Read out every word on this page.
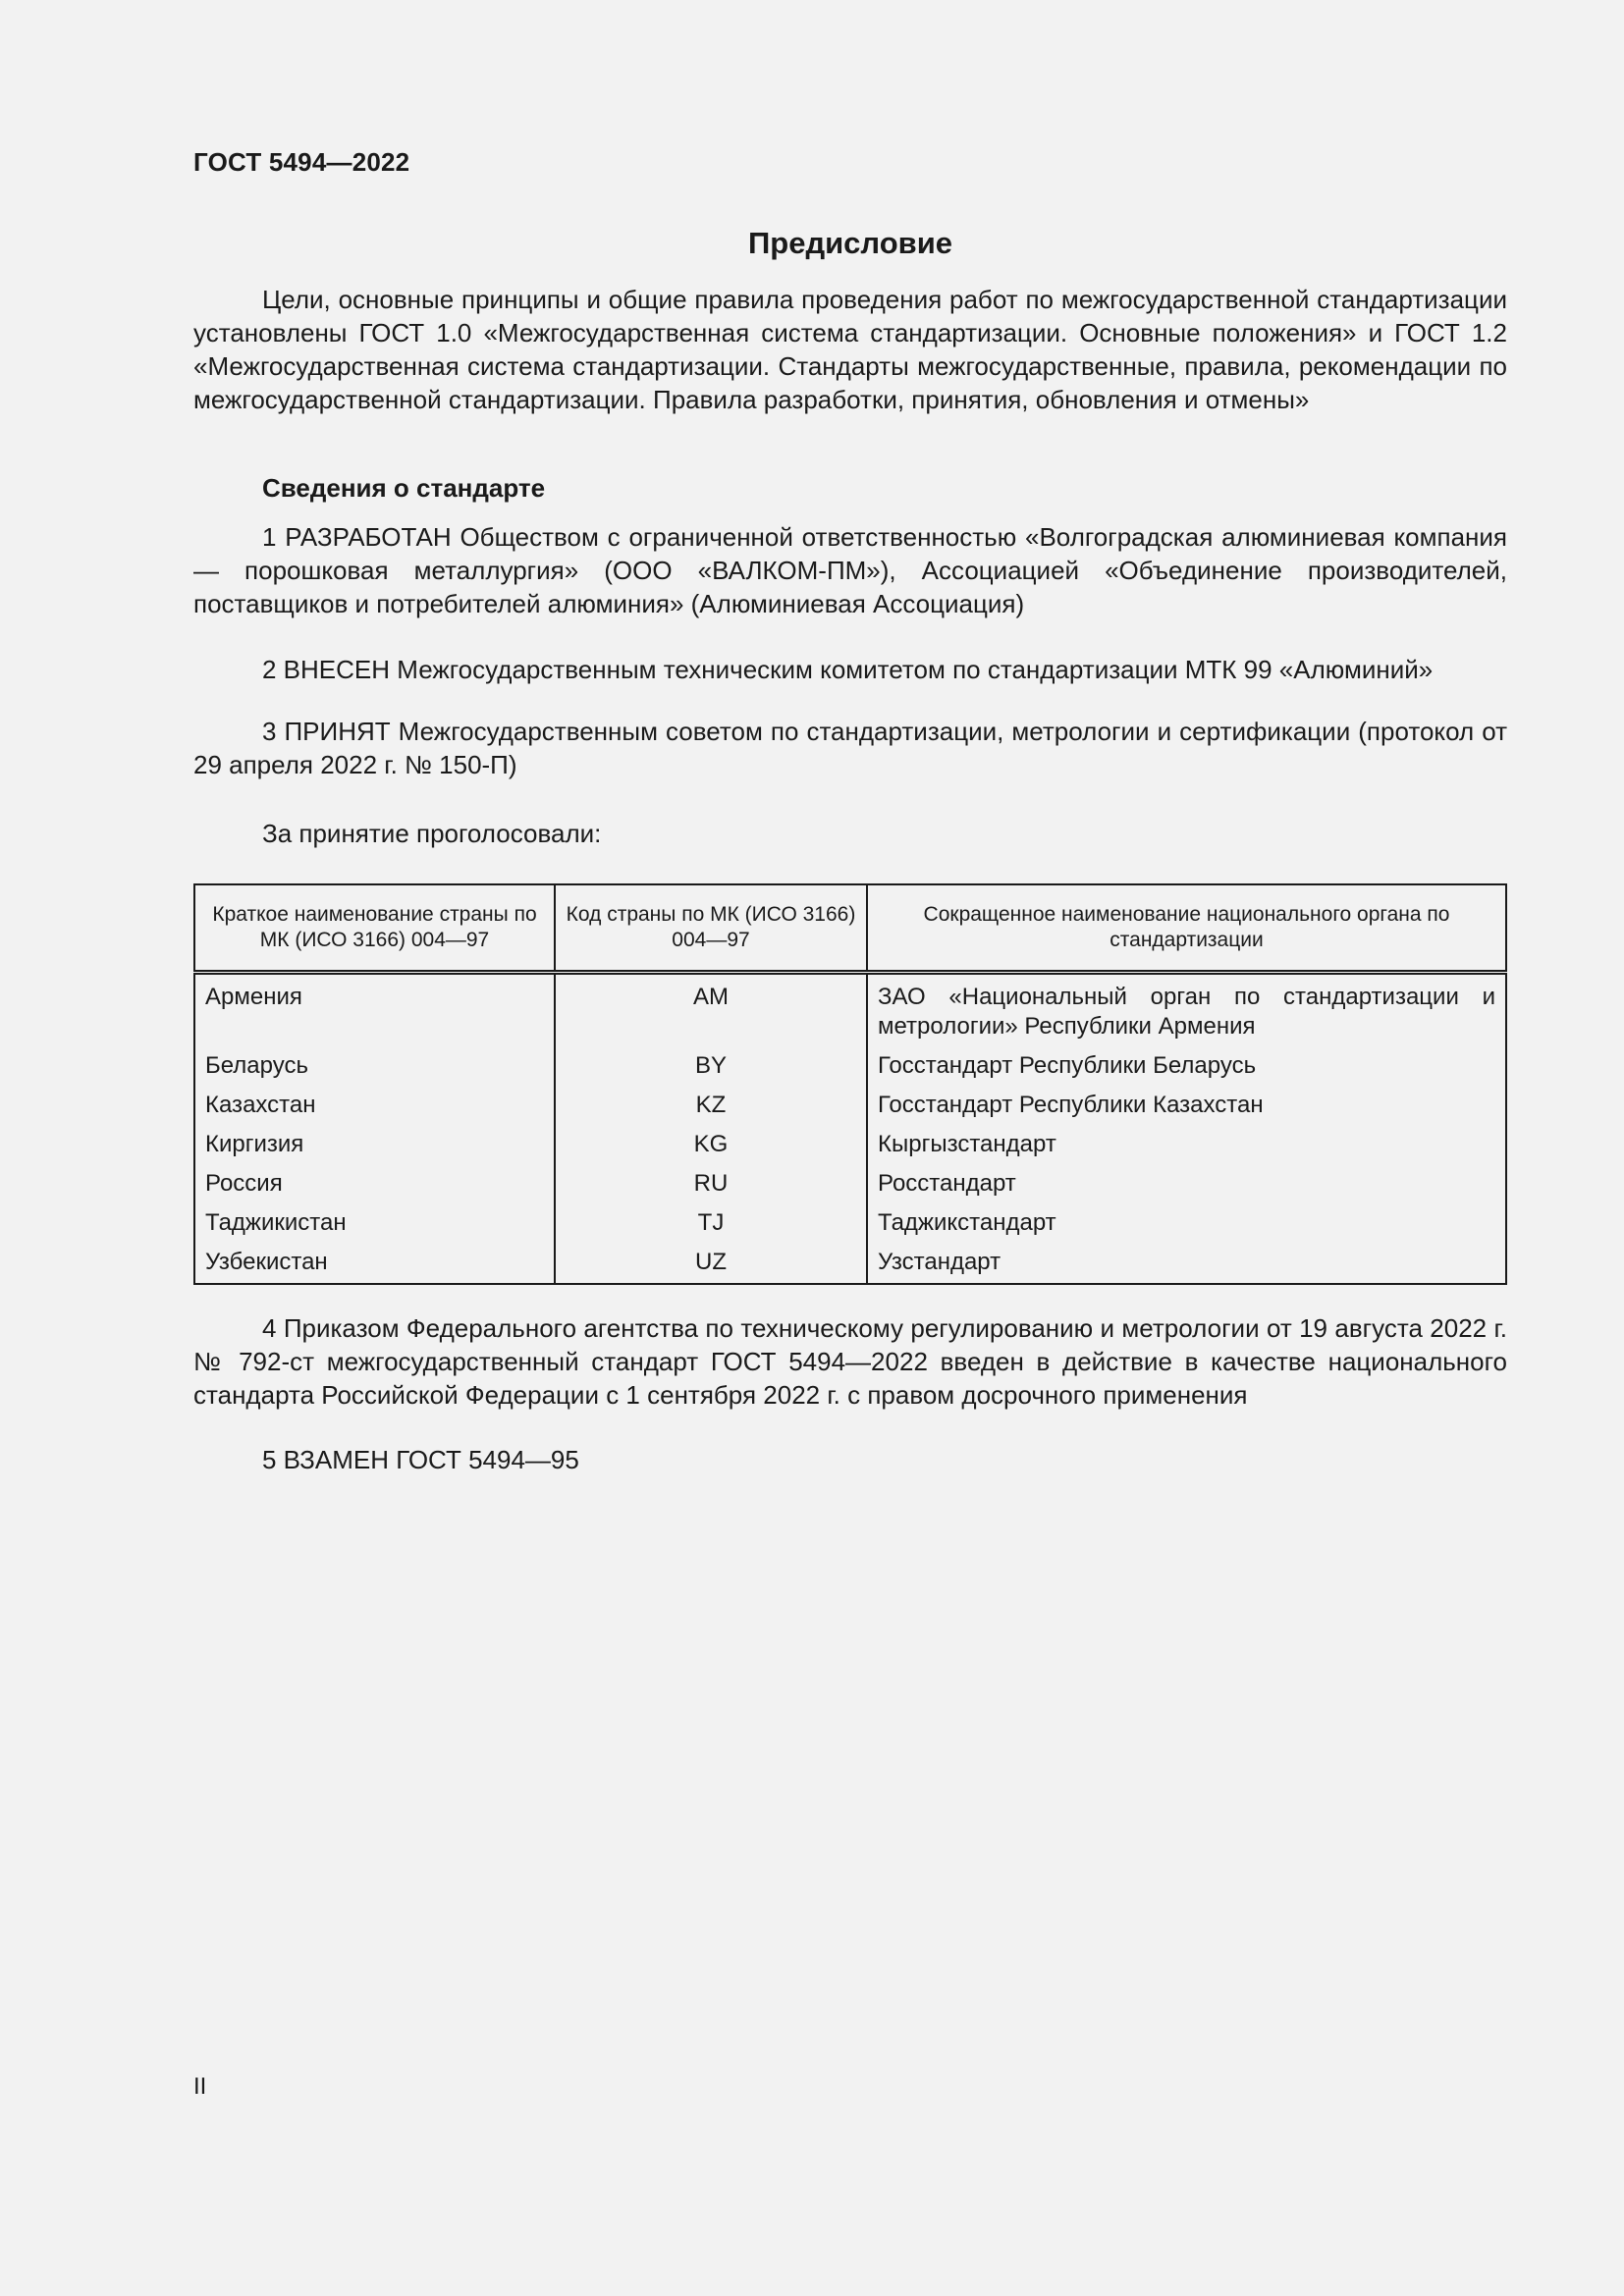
ГОСТ 5494—2022
Предисловие

Цели, основные принципы и общие правила проведения работ по межгосударственной стандартизации установлены ГОСТ 1.0 «Межгосударственная система стандартизации. Основные положения» и ГОСТ 1.2 «Межгосударственная система стандартизации. Стандарты межгосударственные, правила, рекомендации по межгосударственной стандартизации. Правила разработки, принятия, обновления и отмены»

Сведения о стандарте

1 РАЗРАБОТАН Обществом с ограниченной ответственностью «Волгоградская алюминиевая компания — порошковая металлургия» (ООО «ВАЛКОМ-ПМ»), Ассоциацией «Объединение производителей, поставщиков и потребителей алюминия» (Алюминиевая Ассоциация)

2 ВНЕСЕН Межгосударственным техническим комитетом по стандартизации МТК 99 «Алюминий»

3 ПРИНЯТ Межгосударственным советом по стандартизации, метрологии и сертификации (протокол от 29 апреля 2022 г. № 150-П)

За принятие проголосовали:

Краткое наименование страны по МК (ИСО 3166) 004—97	Код страны по МК (ИСО 3166) 004—97	Сокращенное наименование национального органа по стандартизации
Армения	AM	ЗАО «Национальный орган по стандартизации и метрологии» Республики Армения
Беларусь	BY	Госстандарт Республики Беларусь
Казахстан	KZ	Госстандарт Республики Казахстан
Киргизия	KG	Кыргызстандарт
Россия	RU	Росстандарт
Таджикистан	TJ	Таджикстандарт
Узбекистан	UZ	Узстандарт

4 Приказом Федерального агентства по техническому регулированию и метрологии от 19 августа 2022 г. № 792-ст межгосударственный стандарт ГОСТ 5494—2022 введен в действие в качестве национального стандарта Российской Федерации с 1 сентября 2022 г. с правом досрочного применения

5 ВЗАМЕН ГОСТ 5494—95

II
